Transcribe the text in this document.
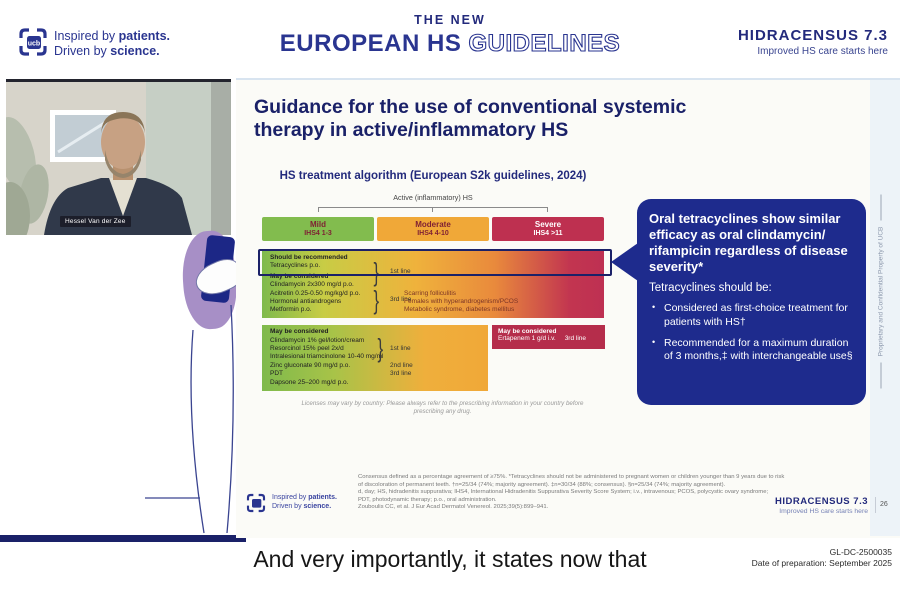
ucb
Inspired by patients.
Driven by science.
THE NEW
EUROPEAN HS GUIDELINES	HIDRACENSUS 7.3
Improved HS care starts here
Hessel Van der Zee
Guidance for the use of conventional systemic therapy in active/inflammatory HS
HS treatment algorithm (European S2k guidelines, 2024)
Active (inflammatory) HS
Mild
IHS4 1-3
Moderate
IHS4 4-10
Severe
IHS4 >11
Should be recommended
Tetracyclines p.o.
May be considered
Clindamycin 2x300 mg/d p.o.
Acitretin 0.25-0.50 mg/kg/d p.o.
Hormonal antiandrogens
Metformin p.o.
} 1st line
} 3rd line
Scarring folliculitis
Females with hyperandrogenism/PCOS
Metabolic syndrome, diabetes mellitus
May be considered
Clindamycin 1% gel/lotion/cream
Resorcinol 15% peel 2x/d
Intralesional triamcinolone 10-40 mg/ml
Zinc gluconate 90 mg/d p.o.
PDT
Dapsone 25–200 mg/d p.o.
} 1st line
2nd line
3rd line
May be considered
Ertapenem 1 g/d i.v. 3rd line
Licenses may vary by country: Please always refer to the prescribing information in your country before prescribing any drug.
Oral tetracyclines show similar efficacy as oral clindamycin/ rifampicin regardless of disease severity*
Tetracyclines should be:
• Considered as first-choice treatment for patients with HS†
• Recommended for a maximum duration of 3 months,‡ with interchangeable use§
Consensus defined as a percentage agreement of ≥75%. *Tetracyclines should not be administered to pregnant women or children younger than 9 years due to risk
of discoloration of permanent teeth. †n=25/34 (74%; majority agreement). ‡n=30/34 (88%; consensus). §n=25/34 (74%; majority agreement).
d, day; HS, hidradenitis suppurativa; IHS4, International Hidradenitis Suppurativa Severity Score System; i.v., intravenous; PCOS, polycystic ovary syndrome;
PDT, photodynamic therapy; p.o., oral administration.
Zouboulis CC, et al. J Eur Acad Dermatol Venereol. 2025;39(5):899–941.
Inspired by patients.
Driven by science.	HIDRACENSUS 7.3
Improved HS care starts here
26
Proprietary and Confidential Property of UCB
And very importantly, it states now that	GL-DC-2500035
Date of preparation: September 2025
